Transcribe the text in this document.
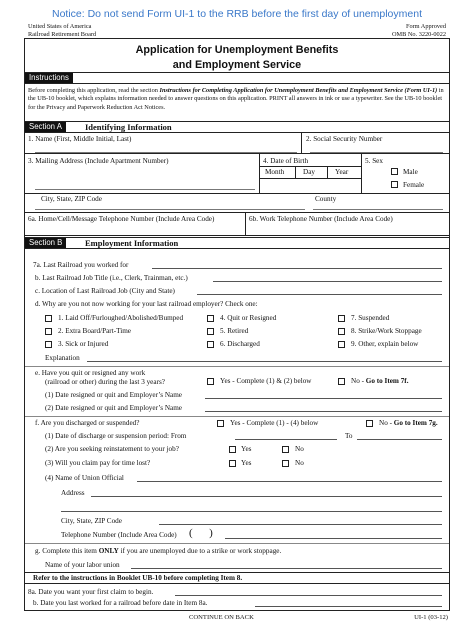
Notice: Do not send Form UI-1 to the RRB before the first day of unemployment
United States of America
Railroad Retirement Board
Form Approved
OMB No. 3220-0022
Application for Unemployment Benefits
and Employment Service
Instructions
Before completing this application, read the section Instructions for Completing Application for Unemployment Benefits and Employment Service (Form UI-1) in the UB-10 booklet, which explains information needed to answer questions on this application. PRINT all answers in ink or use a typewriter. See the UB-10 booklet for the Privacy and Paperwork Reduction Act Notices.
Section A	Identifying Information
1. Name (First, Middle Initial, Last)	2. Social Security Number
3. Mailing Address (Include Apartment Number)	4. Date of Birth
Month	Day	Year
5. Sex
Male
Female
City, State, ZIP Code	County
6a. Home/Cell/Message Telephone Number (Include Area Code)	6b. Work Telephone Number (Include Area Code)
Section B	Employment Information
7a. Last Railroad you worked for
b. Last Railroad Job Title (i.e., Clerk, Trainman, etc.)
c. Location of Last Railroad Job (City and State)
d. Why are you not now working for your last railroad employer? Check one:
1. Laid Off/Furloughed/Abolished/Bumped	4. Quit or Resigned	7. Suspended
2. Extra Board/Part-Time	5. Retired	8. Strike/Work Stoppage
3. Sick or Injured	6. Discharged	9. Other, explain below
Explanation
e. Have you quit or resigned any work
(railroad or other) during the last 3 years?	Yes - Complete (1) & (2) below	No - Go to Item 7f.
(1) Date resigned or quit and Employer’s Name
(2) Date resigned or quit and Employer’s Name
f. Are you discharged or suspended?	Yes - Complete (1) - (4) below	No - Go to Item 7g.
(1) Date of discharge or suspension period: From	To
(2) Are you seeking reinstatement to your job?	Yes	No
(3) Will you claim pay for time lost?	Yes	No
(4) Name of Union Official
Address
City, State, ZIP Code
Telephone Number (Include Area Code) (      )
g. Complete this item ONLY if you are unemployed due to a strike or work stoppage.
Name of your labor union
Refer to the instructions in Booklet UB-10 before completing Item 8.
8a. Date you want your first claim to begin.
b. Date you last worked for a railroad before date in Item 8a.
CONTINUE ON BACK	UI-1 (03-12)
